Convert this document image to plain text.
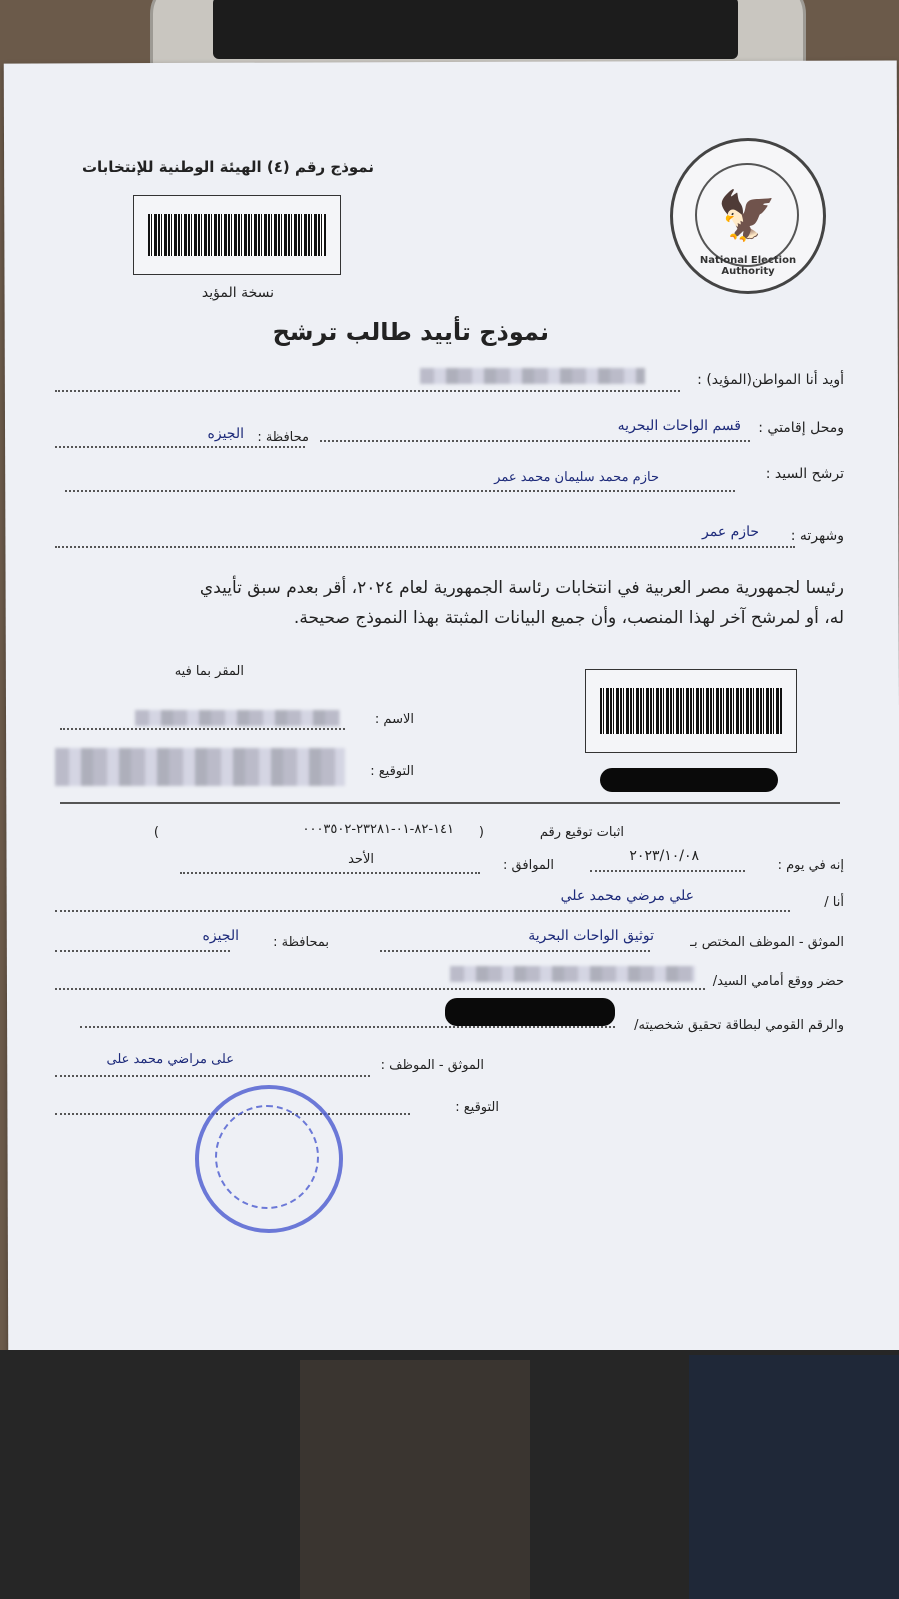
🦅
National Election Authority
نموذج رقم (٤) الهيئة الوطنية للإنتخابات
نسخة المؤيد
نموذج تأييد طالب ترشح
أويد أنا المواطن(المؤيد) :
ومحل إقامتي :
قسم الواحات البحريه
محافظة :
الجيزه
ترشح السيد :
حازم محمد سليمان محمد عمر
وشهرته :
حازم عمر
رئيسا لجمهورية مصر العربية في انتخابات رئاسة الجمهورية لعام ٢٠٢٤، أقر بعدم سبق تأييدي
له، أو لمرشح آخر لهذا المنصب، وأن جميع البيانات المثبتة بهذا النموذج صحيحة.
المقر بما فيه
الاسم :
التوقيع :
اثبات توقيع رقم
(
١٤١-٨٢-٠١-٢٣٢٨١-٠٠٠٣٥٠٢
)
إنه في يوم :
٢٠٢٣/١٠/٠٨
الموافق :
الأحد
أنا /
علي مرضي محمد علي
الموثق - الموظف المختص بـ
توثيق الواحات البحرية
بمحافظة :
الجيزه
حضر ووقع أمامي السيد/
والرقم القومي لبطاقة تحقيق شخصيته/
الموثق - الموظف :
على مراضي محمد على
التوقيع :
